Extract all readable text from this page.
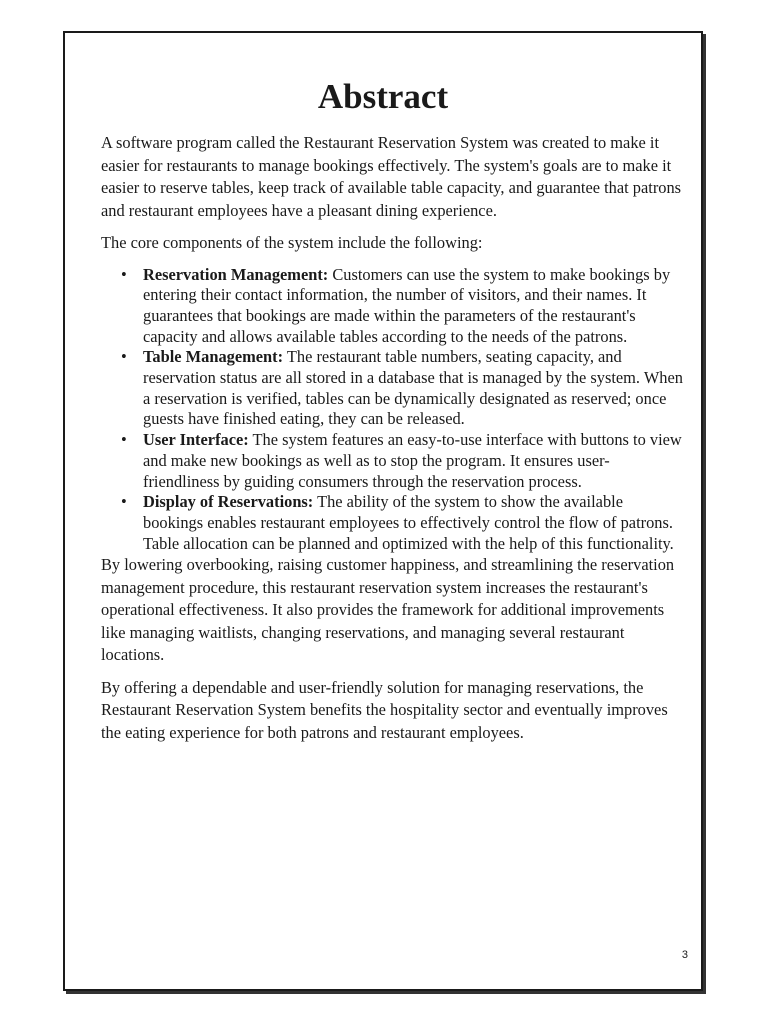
Abstract

A software program called the Restaurant Reservation System was created to make it easier for restaurants to manage bookings effectively. The system's goals are to make it easier to reserve tables, keep track of available table capacity, and guarantee that patrons and restaurant employees have a pleasant dining experience.

The core components of the system include the following:

• Reservation Management: Customers can use the system to make bookings by entering their contact information, the number of visitors, and their names. It guarantees that bookings are made within the parameters of the restaurant's capacity and allows available tables according to the needs of the patrons.
• Table Management: The restaurant table numbers, seating capacity, and reservation status are all stored in a database that is managed by the system. When a reservation is verified, tables can be dynamically designated as reserved; once guests have finished eating, they can be released.
• User Interface: The system features an easy-to-use interface with buttons to view and make new bookings as well as to stop the program. It ensures user-friendliness by guiding consumers through the reservation process.
• Display of Reservations: The ability of the system to show the available bookings enables restaurant employees to effectively control the flow of patrons. Table allocation can be planned and optimized with the help of this functionality.

By lowering overbooking, raising customer happiness, and streamlining the reservation management procedure, this restaurant reservation system increases the restaurant's operational effectiveness. It also provides the framework for additional improvements like managing waitlists, changing reservations, and managing several restaurant locations.

By offering a dependable and user-friendly solution for managing reservations, the Restaurant Reservation System benefits the hospitality sector and eventually improves the eating experience for both patrons and restaurant employees.

3
